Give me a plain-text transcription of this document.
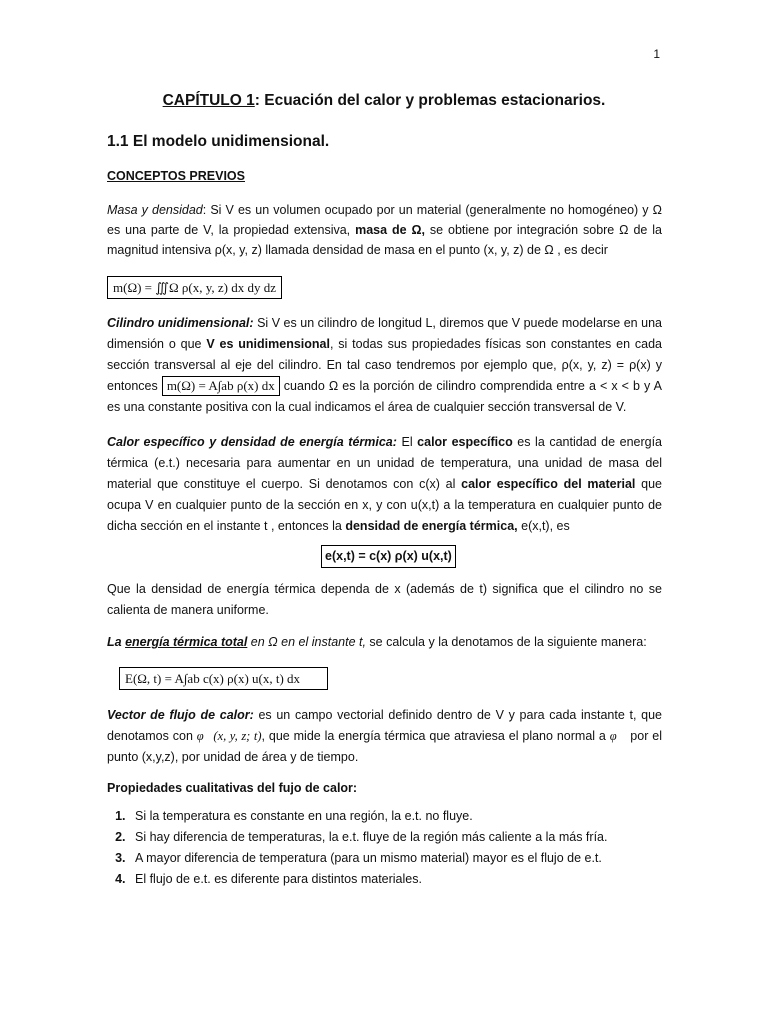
1
CAPÍTULO 1: Ecuación del calor y problemas estacionarios.
1.1 El modelo unidimensional.
CONCEPTOS PREVIOS
Masa y densidad: Si V es un volumen ocupado por un material (generalmente no homogéneo) y Ω es una parte de V, la propiedad extensiva, masa de Ω, se obtiene por integración sobre Ω de la magnitud intensiva ρ(x, y, z) llamada densidad de masa en el punto (x, y, z) de Ω , es decir
m(Ω) = ∭Ω ρ(x, y, z) dx dy dz
Cilindro unidimensional: Si V es un cilindro de longitud L, diremos que V puede modelarse en una dimensión o que V es unidimensional, si todas sus propiedades físicas son constantes en cada sección transversal al eje del cilindro. En tal caso tendremos por ejemplo que, ρ(x, y, z) = ρ(x) y entonces m(Ω) = A∫ab ρ(x) dx cuando Ω es la porción de cilindro comprendida entre a < x < b y A es una constante positiva con la cual indicamos el área de cualquier sección transversal de V.
Calor específico y densidad de energía térmica: El calor específico es la cantidad de energía térmica (e.t.) necesaria para aumentar en un unidad de temperatura, una unidad de masa del material que constituye el cuerpo. Si denotamos con c(x) al calor específico del material que ocupa V en cualquier punto de la sección en x, y con u(x,t) a la temperatura en cualquier punto de dicha sección en el instante t , entonces la densidad de energía térmica, e(x,t), es
e(x,t) = c(x) ρ(x) u(x,t)
Que la densidad de energía térmica dependa de x (además de t) significa que el cilindro no se calienta de manera uniforme.
La energía térmica total en Ω en el instante t, se calcula y la denotamos de la siguiente manera:
E(Ω, t) = A∫ab c(x) ρ(x) u(x, t) dx
Vector de flujo de calor: es un campo vectorial definido dentro de V y para cada instante t, que denotamos con φ⃗(x, y, z; t), que mide la energía térmica que atraviesa el plano normal a φ⃗ por el punto (x,y,z), por unidad de área y de tiempo.
Propiedades cualitativas del fujo de calor:
1. Si la temperatura es constante en una región, la e.t. no fluye.
2. Si hay diferencia de temperaturas, la e.t. fluye de la región más caliente a la más fría.
3. A mayor diferencia de temperatura (para un mismo material) mayor es el flujo de e.t.
4. El flujo de e.t. es diferente para distintos materiales.
